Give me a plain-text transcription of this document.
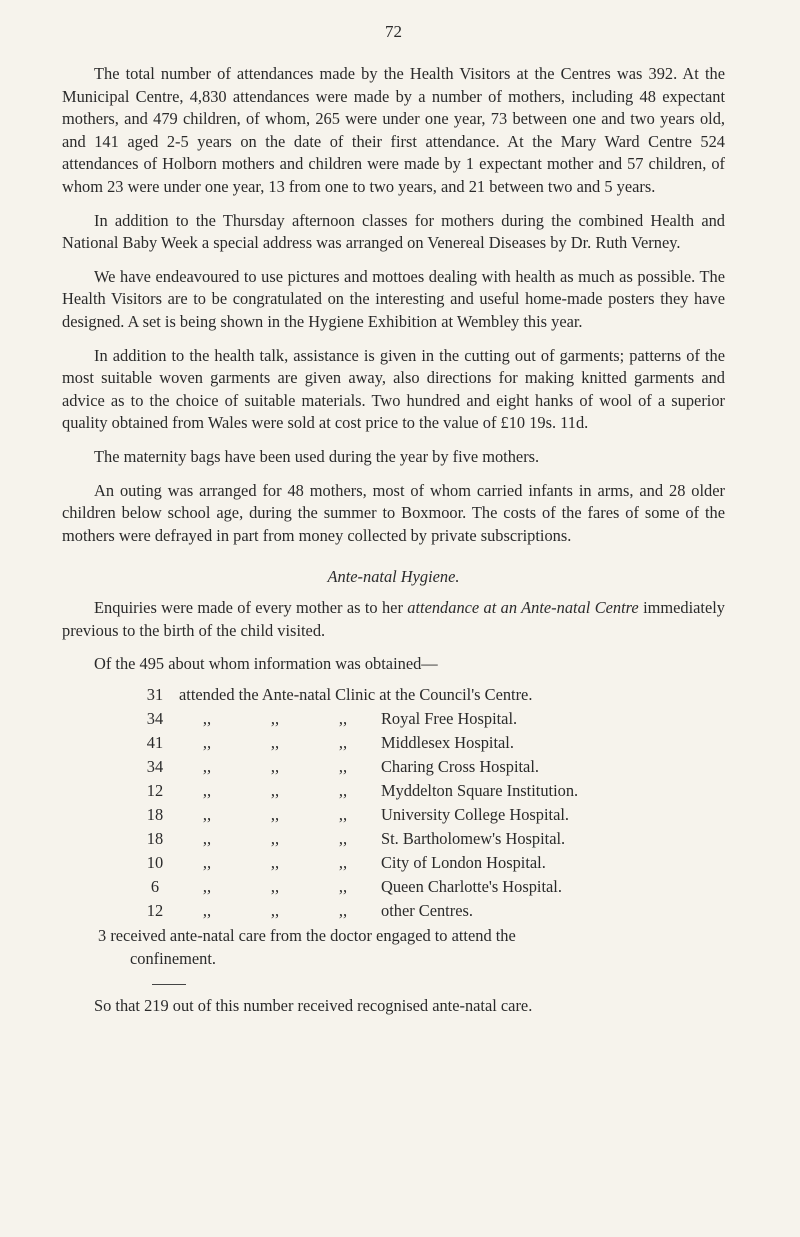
72

The total number of attendances made by the Health Visitors at the Centres was 392. At the Municipal Centre, 4,830 attendances were made by a number of mothers, including 48 expectant mothers, and 479 children, of whom, 265 were under one year, 73 between one and two years old, and 141 aged 2-5 years on the date of their first attendance. At the Mary Ward Centre 524 attendances of Holborn mothers and children were made by 1 expectant mother and 57 children, of whom 23 were under one year, 13 from one to two years, and 21 between two and 5 years.

In addition to the Thursday afternoon classes for mothers during the combined Health and National Baby Week a special address was arranged on Venereal Diseases by Dr. Ruth Verney.

We have endeavoured to use pictures and mottoes dealing with health as much as possible. The Health Visitors are to be congratulated on the interesting and useful home-made posters they have designed. A set is being shown in the Hygiene Exhibition at Wembley this year.

In addition to the health talk, assistance is given in the cutting out of garments; patterns of the most suitable woven garments are given away, also directions for making knitted garments and advice as to the choice of suitable materials. Two hundred and eight hanks of wool of a superior quality obtained from Wales were sold at cost price to the value of £10 19s. 11d.

The maternity bags have been used during the year by five mothers.

An outing was arranged for 48 mothers, most of whom carried infants in arms, and 28 older children below school age, during the summer to Boxmoor. The costs of the fares of some of the mothers were defrayed in part from money collected by private subscriptions.

Ante-natal Hygiene.

Enquiries were made of every mother as to her attendance at an Ante-natal Centre immediately previous to the birth of the child visited.

Of the 495 about whom information was obtained—

31	attended the Ante-natal Clinic at the Council's Centre.			
34	,,	,,	,,	Royal Free Hospital.
41	,,	,,	,,	Middlesex Hospital.
34	,,	,,	,,	Charing Cross Hospital.
12	,,	,,	,,	Myddelton Square Institution.
18	,,	,,	,,	University College Hospital.
18	,,	,,	,,	St. Bartholomew's Hospital.
10	,,	,,	,,	City of London Hospital.
6	,,	,,	,,	Queen Charlotte's Hospital.
12	,,	,,	,,	other Centres.
3 received ante-natal care from the doctor engaged to attend the
confinement.

So that 219 out of this number received recognised ante-natal care.
